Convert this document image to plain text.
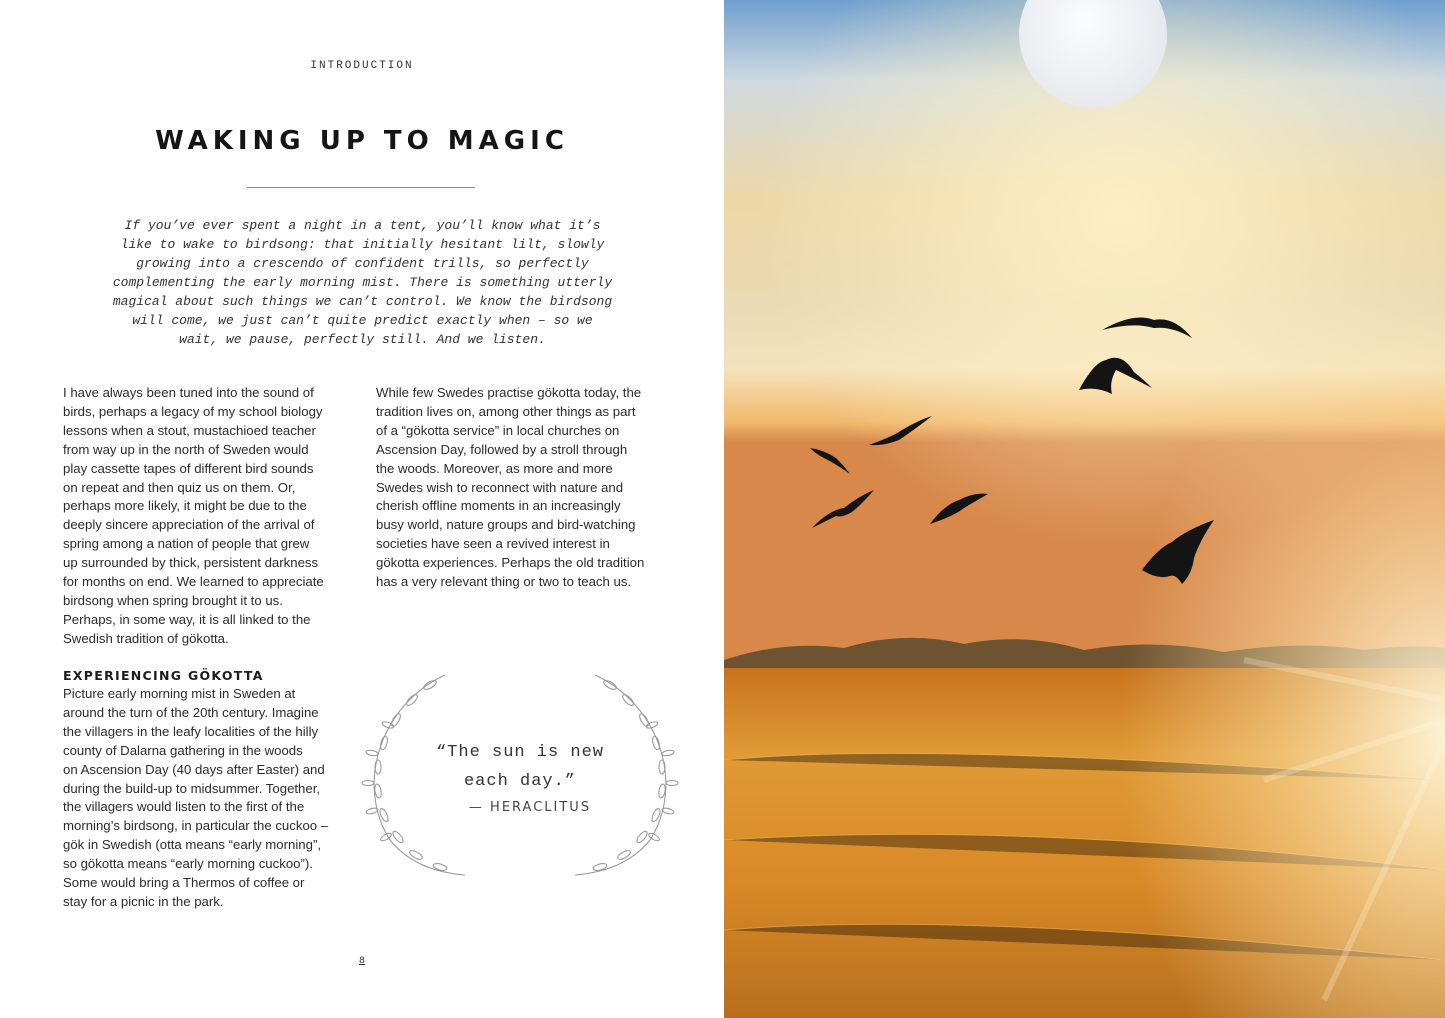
INTRODUCTION
WAKING UP TO MAGIC

If you’ve ever spent a night in a tent, you’ll know what it’s
like to wake to birdsong: that initially hesitant lilt, slowly
growing into a crescendo of confident trills, so perfectly
complementing the early morning mist. There is something utterly
magical about such things we can’t control. We know the birdsong
will come, we just can’t quite predict exactly when – so we
wait, we pause, perfectly still. And we listen.

I have always been tuned into the sound of
birds, perhaps a legacy of my school biology
lessons when a stout, mustachioed teacher
from way up in the north of Sweden would
play cassette tapes of different bird sounds
on repeat and then quiz us on them. Or,
perhaps more likely, it might be due to the
deeply sincere appreciation of the arrival of
spring among a nation of people that grew
up surrounded by thick, persistent darkness
for months on end. We learned to appreciate
birdsong when spring brought it to us.
Perhaps, in some way, it is all linked to the
Swedish tradition of gökotta.

While few Swedes practise gökotta today, the
tradition lives on, among other things as part
of a “gökotta service” in local churches on
Ascension Day, followed by a stroll through
the woods. Moreover, as more and more
Swedes wish to reconnect with nature and
cherish offline moments in an increasingly
busy world, nature groups and bird-watching
societies have seen a revived interest in
gökotta experiences. Perhaps the old tradition
has a very relevant thing or two to teach us.

EXPERIENCING GÖKOTTA

Picture early morning mist in Sweden at
around the turn of the 20th century. Imagine
the villagers in the leafy localities of the hilly
county of Dalarna gathering in the woods
on Ascension Day (40 days after Easter) and
during the build-up to midsummer. Together,
the villagers would listen to the first of the
morning’s birdsong, in particular the cuckoo –
gök in Swedish (otta means “early morning”,
so gökotta means “early morning cuckoo”).
Some would bring a Thermos of coffee or
stay for a picnic in the park.

“The sun is new
each day.”

— HERACLITUS
8
